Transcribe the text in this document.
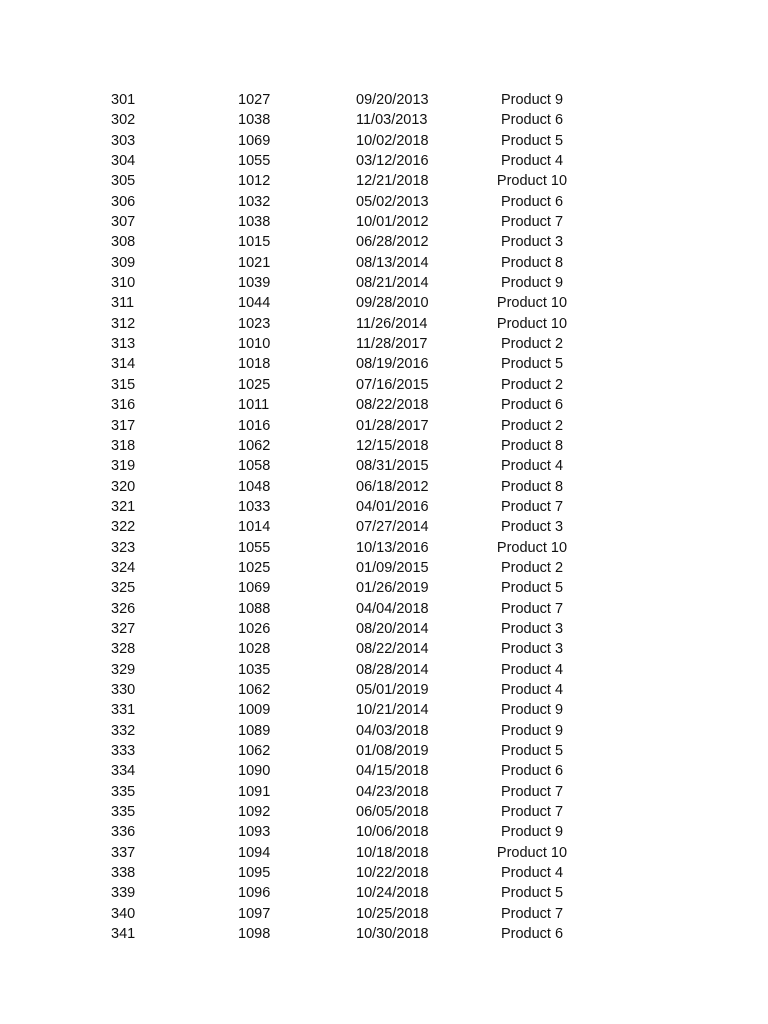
301	1027	09/20/2013	Product 9
302	1038	11/03/2013	Product 6
303	1069	10/02/2018	Product 5
304	1055	03/12/2016	Product 4
305	1012	12/21/2018	Product 10
306	1032	05/02/2013	Product 6
307	1038	10/01/2012	Product 7
308	1015	06/28/2012	Product 3
309	1021	08/13/2014	Product 8
310	1039	08/21/2014	Product 9
311	1044	09/28/2010	Product 10
312	1023	11/26/2014	Product 10
313	1010	11/28/2017	Product 2
314	1018	08/19/2016	Product 5
315	1025	07/16/2015	Product 2
316	1011	08/22/2018	Product 6
317	1016	01/28/2017	Product 2
318	1062	12/15/2018	Product 8
319	1058	08/31/2015	Product 4
320	1048	06/18/2012	Product 8
321	1033	04/01/2016	Product 7
322	1014	07/27/2014	Product 3
323	1055	10/13/2016	Product 10
324	1025	01/09/2015	Product 2
325	1069	01/26/2019	Product 5
326	1088	04/04/2018	Product 7
327	1026	08/20/2014	Product 3
328	1028	08/22/2014	Product 3
329	1035	08/28/2014	Product 4
330	1062	05/01/2019	Product 4
331	1009	10/21/2014	Product 9
332	1089	04/03/2018	Product 9
333	1062	01/08/2019	Product 5
334	1090	04/15/2018	Product 6
335	1091	04/23/2018	Product 7
335	1092	06/05/2018	Product 7
336	1093	10/06/2018	Product 9
337	1094	10/18/2018	Product 10
338	1095	10/22/2018	Product 4
339	1096	10/24/2018	Product 5
340	1097	10/25/2018	Product 7
341	1098	10/30/2018	Product 6
